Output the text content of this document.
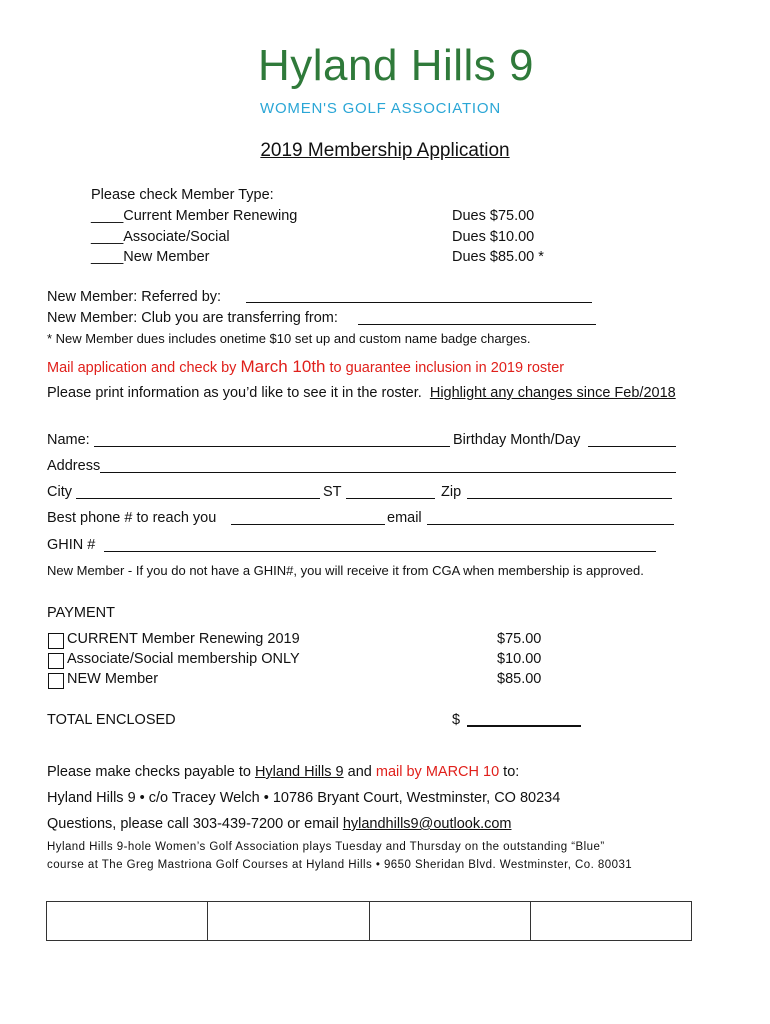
Hyland Hills 9
WOMEN'S GOLF ASSOCIATION
2019 Membership Application
Please check Member Type:
____Current Member Renewing	Dues $75.00
____Associate/Social	Dues $10.00
____New Member	Dues $85.00 *
New Member: Referred by:
New Member: Club you are transferring from:
* New Member dues includes onetime $10 set up and custom name badge charges.
Mail application and check by March 10th to guarantee inclusion in 2019 roster
Please print information as you’d like to see it in the roster. Highlight any changes since Feb/2018
Name:	Birthday Month/Day
Address
City	ST	Zip
Best phone # to reach you	email
GHIN #
New Member - If you do not have a GHIN#, you will receive it from CGA when membership is approved.
PAYMENT
CURRENT Member Renewing 2019	$75.00
Associate/Social membership ONLY	$10.00
NEW Member	$85.00
TOTAL ENCLOSED	$
Please make checks payable to Hyland Hills 9 and mail by MARCH 10 to:
Hyland Hills 9 • c/o Tracey Welch • 10786 Bryant Court, Westminster, CO 80234
Questions, please call 303-439-7200 or email hylandhills9@outlook.com
Hyland Hills 9-hole Women’s Golf Association plays Tuesday and Thursday on the outstanding “Blue”
course at The Greg Mastriona Golf Courses at Hyland Hills • 9650 Sheridan Blvd. Westminster, Co. 80031
